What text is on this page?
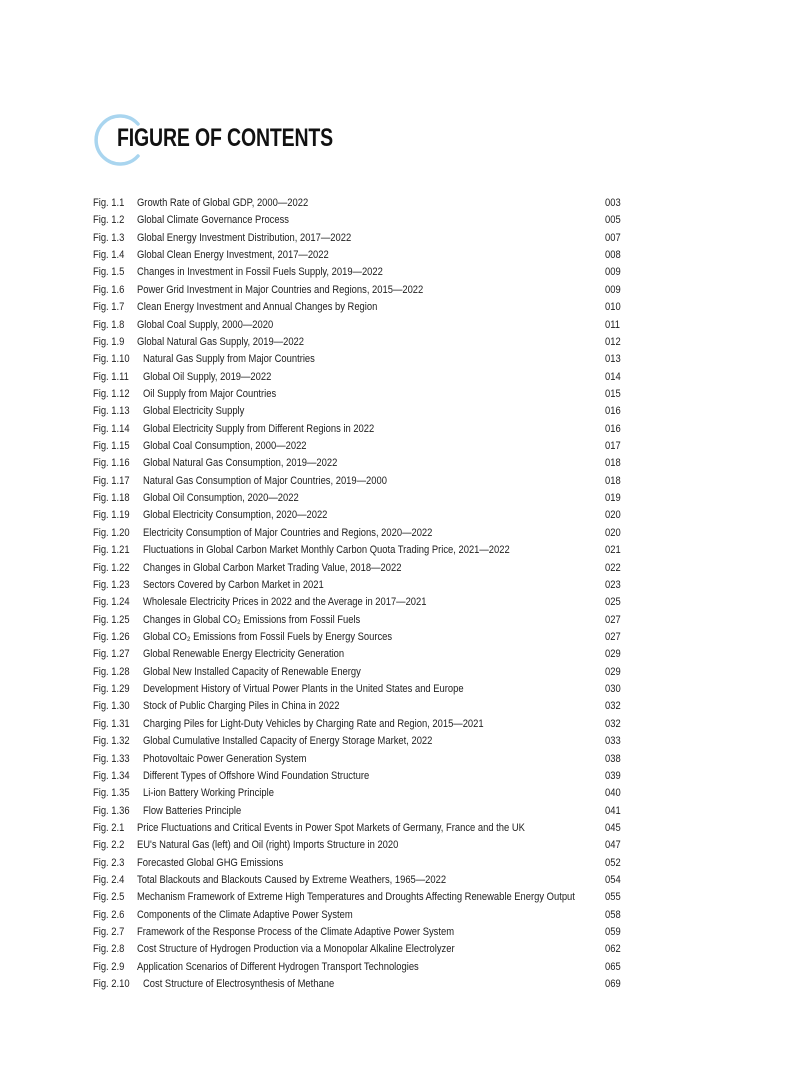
FIGURE OF CONTENTS
Fig. 1.1 Growth Rate of Global GDP, 2000—2022	003
Fig. 1.2 Global Climate Governance Process	005
Fig. 1.3 Global Energy Investment Distribution, 2017—2022	007
Fig. 1.4 Global Clean Energy Investment, 2017—2022	008
Fig. 1.5 Changes in Investment in Fossil Fuels Supply, 2019—2022	009
Fig. 1.6 Power Grid Investment in Major Countries and Regions, 2015—2022	009
Fig. 1.7 Clean Energy Investment and Annual Changes by Region	010
Fig. 1.8 Global Coal Supply, 2000—2020	011
Fig. 1.9 Global Natural Gas Supply, 2019—2022	012
Fig. 1.10 Natural Gas Supply from Major Countries	013
Fig. 1.11 Global Oil Supply, 2019—2022	014
Fig. 1.12 Oil Supply from Major Countries	015
Fig. 1.13 Global Electricity Supply	016
Fig. 1.14 Global Electricity Supply from Different Regions in 2022	016
Fig. 1.15 Global Coal Consumption, 2000—2022	017
Fig. 1.16 Global Natural Gas Consumption, 2019—2022	018
Fig. 1.17 Natural Gas Consumption of Major Countries, 2019—2000	018
Fig. 1.18 Global Oil Consumption, 2020—2022	019
Fig. 1.19 Global Electricity Consumption, 2020—2022	020
Fig. 1.20 Electricity Consumption of Major Countries and Regions, 2020—2022	020
Fig. 1.21 Fluctuations in Global Carbon Market Monthly Carbon Quota Trading Price, 2021—2022	021
Fig. 1.22 Changes in Global Carbon Market Trading Value, 2018—2022	022
Fig. 1.23 Sectors Covered by Carbon Market in 2021	023
Fig. 1.24 Wholesale Electricity Prices in 2022 and the Average in 2017—2021	025
Fig. 1.25 Changes in Global CO₂ Emissions from Fossil Fuels	027
Fig. 1.26 Global CO₂ Emissions from Fossil Fuels by Energy Sources	027
Fig. 1.27 Global Renewable Energy Electricity Generation	029
Fig. 1.28 Global New Installed Capacity of Renewable Energy	029
Fig. 1.29 Development History of Virtual Power Plants in the United States and Europe	030
Fig. 1.30 Stock of Public Charging Piles in China in 2022	032
Fig. 1.31 Charging Piles for Light-Duty Vehicles by Charging Rate and Region, 2015—2021	032
Fig. 1.32 Global Cumulative Installed Capacity of Energy Storage Market, 2022	033
Fig. 1.33 Photovoltaic Power Generation System	038
Fig. 1.34 Different Types of Offshore Wind Foundation Structure	039
Fig. 1.35 Li-ion Battery Working Principle	040
Fig. 1.36 Flow Batteries Principle	041
Fig. 2.1 Price Fluctuations and Critical Events in Power Spot Markets of Germany, France and the UK	045
Fig. 2.2 EU's Natural Gas (left) and Oil (right) Imports Structure in 2020	047
Fig. 2.3 Forecasted Global GHG Emissions	052
Fig. 2.4 Total Blackouts and Blackouts Caused by Extreme Weathers, 1965—2022	054
Fig. 2.5 Mechanism Framework of Extreme High Temperatures and Droughts Affecting Renewable Energy Output	055
Fig. 2.6 Components of the Climate Adaptive Power System	058
Fig. 2.7 Framework of the Response Process of the Climate Adaptive Power System	059
Fig. 2.8 Cost Structure of Hydrogen Production via a Monopolar Alkaline Electrolyzer	062
Fig. 2.9 Application Scenarios of Different Hydrogen Transport Technologies	065
Fig. 2.10 Cost Structure of Electrosynthesis of Methane	069
